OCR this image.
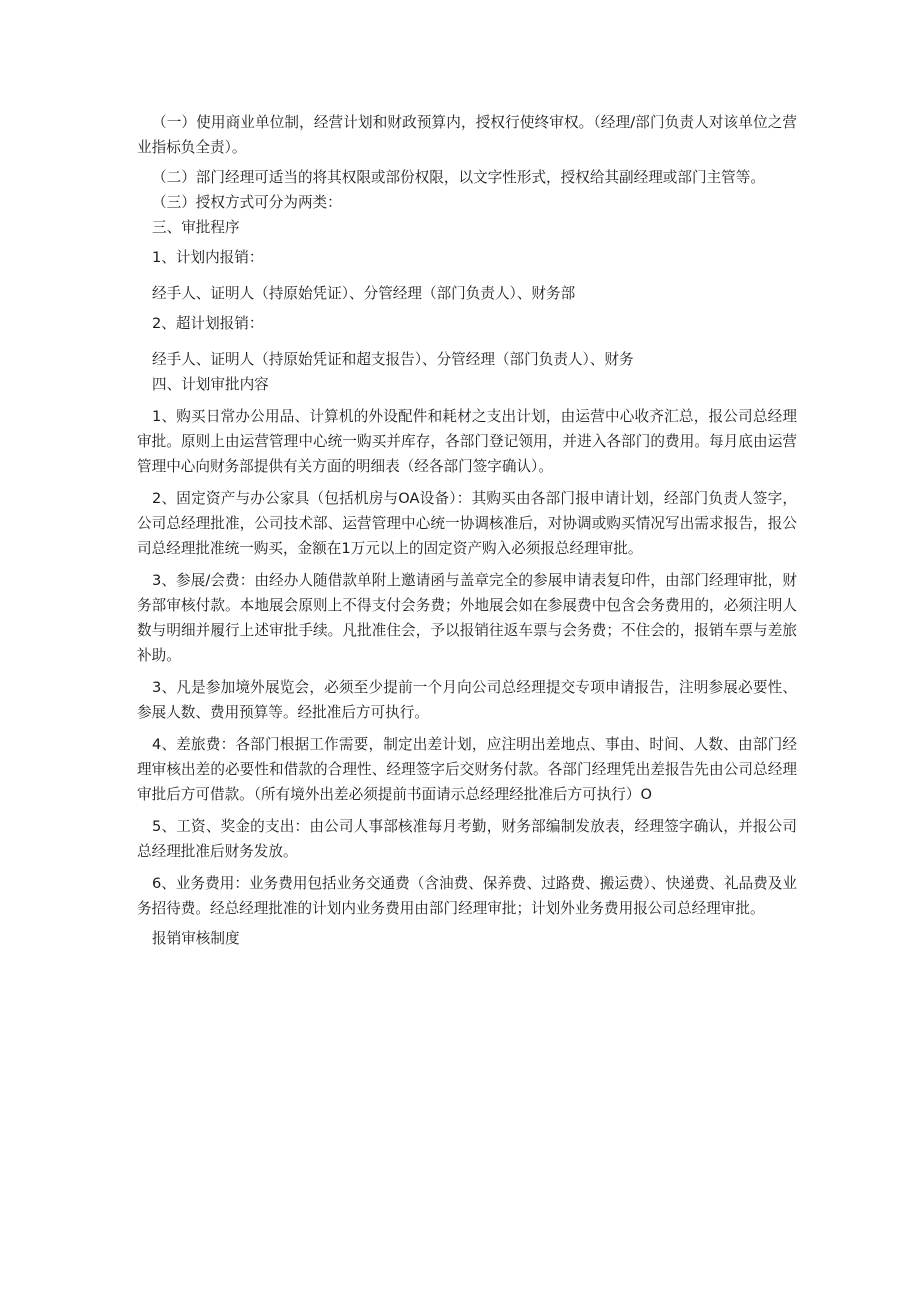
（一）使用商业单位制，经营计划和财政预算内，授权行使终审权。（经理/部门负责人对该单位之营业指标负全责）。

（二）部门经理可适当的将其权限或部份权限，以文字性形式，授权给其副经理或部门主管等。

（三）授权方式可分为两类：

三、审批程序

1、计划内报销：

经手人、证明人（持原始凭证）、分管经理（部门负责人）、财务部

2、超计划报销：

经手人、证明人（持原始凭证和超支报告）、分管经理（部门负责人）、财务

四、计划审批内容

1、购买日常办公用品、计算机的外设配件和耗材之支出计划，由运营中心收齐汇总，报公司总经理审批。原则上由运营管理中心统一购买并库存，各部门登记领用，并进入各部门的费用。每月底由运营管理中心向财务部提供有关方面的明细表（经各部门签字确认）。

2、固定资产与办公家具（包括机房与OA设备）：其购买由各部门报申请计划，经部门负责人签字，公司总经理批准，公司技术部、运营管理中心统一协调核准后，对协调或购买情况写出需求报告，报公司总经理批准统一购买，金额在1万元以上的固定资产购入必须报总经理审批。

3、参展/会费：由经办人随借款单附上邀请函与盖章完全的参展申请表复印件，由部门经理审批，财务部审核付款。本地展会原则上不得支付会务费；外地展会如在参展费中包含会务费用的，必须注明人数与明细并履行上述审批手续。凡批准住会，予以报销往返车票与会务费；不住会的，报销车票与差旅补助。

3、凡是参加境外展览会，必须至少提前一个月向公司总经理提交专项申请报告，注明参展必要性、参展人数、费用预算等。经批准后方可执行。

4、差旅费：各部门根据工作需要，制定出差计划，应注明出差地点、事由、时间、人数、由部门经理审核出差的必要性和借款的合理性、经理签字后交财务付款。各部门经理凭出差报告先由公司总经理审批后方可借款。（所有境外出差必须提前书面请示总经理经批准后方可执行）O

5、工资、奖金的支出：由公司人事部核准每月考勤，财务部编制发放表，经理签字确认，并报公司总经理批准后财务发放。

6、业务费用：业务费用包括业务交通费（含油费、保养费、过路费、搬运费）、快递费、礼品费及业务招待费。经总经理批准的计划内业务费用由部门经理审批；计划外业务费用报公司总经理审批。

报销审核制度
